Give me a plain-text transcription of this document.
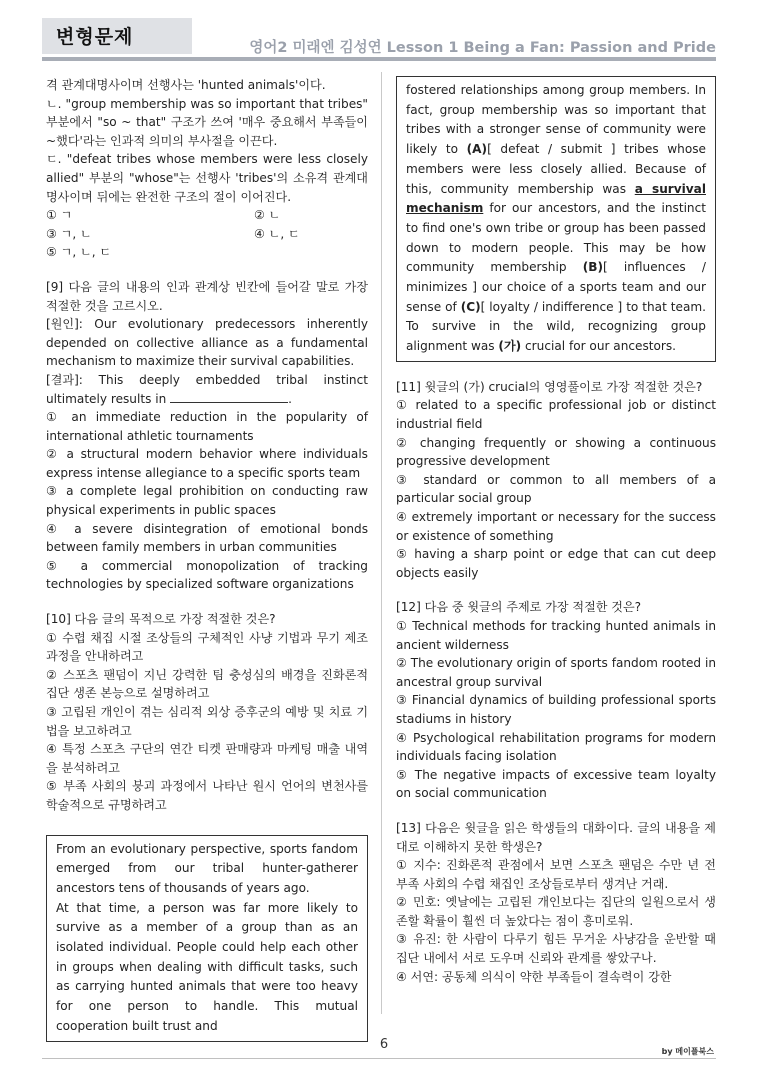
변형문제	영어2 미래엔 김성연 Lesson 1 Being a Fan: Passion and Pride
격 관계대명사이며 선행사는 'hunted animals'이다.
ㄴ. "group membership was so important that tribes" 부분에서 "so ~ that" 구조가 쓰여 '매우 중요해서 부족들이 ~했다'라는 인과적 의미의 부사절을 이끈다.
ㄷ. "defeat tribes whose members were less closely allied" 부분의 "whose"는 선행사 'tribes'의 소유격 관계대명사이며 뒤에는 완전한 구조의 절이 이어진다.
① ㄱ	② ㄴ
③ ㄱ, ㄴ	④ ㄴ, ㄷ
⑤ ㄱ, ㄴ, ㄷ
[9] 다음 글의 내용의 인과 관계상 빈칸에 들어갈 말로 가장 적절한 것을 고르시오.
[원인]: Our evolutionary predecessors inherently depended on collective alliance as a fundamental mechanism to maximize their survival capabilities.
[결과]: This deeply embedded tribal instinct ultimately results in	.
① an immediate reduction in the popularity of international athletic tournaments
② a structural modern behavior where individuals express intense allegiance to a specific sports team
③ a complete legal prohibition on conducting raw physical experiments in public spaces
④ a severe disintegration of emotional bonds between family members in urban communities
⑤ a commercial monopolization of tracking technologies by specialized software organizations
[10] 다음 글의 목적으로 가장 적절한 것은?
① 수렵 채집 시절 조상들의 구체적인 사냥 기법과 무기 제조 과정을 안내하려고
② 스포츠 팬덤이 지닌 강력한 팀 충성심의 배경을 진화론적 집단 생존 본능으로 설명하려고
③ 고립된 개인이 겪는 심리적 외상 증후군의 예방 및 치료 기법을 보고하려고
④ 특정 스포츠 구단의 연간 티켓 판매량과 마케팅 매출 내역을 분석하려고
⑤ 부족 사회의 붕괴 과정에서 나타난 원시 언어의 변천사를 학술적으로 규명하려고
From an evolutionary perspective, sports fandom emerged from our tribal hunter-gatherer ancestors tens of thousands of years ago.
At that time, a person was far more likely to survive as a member of a group than as an isolated individual. People could help each other in groups when dealing with difficult tasks, such as carrying hunted animals that were too heavy for one person to handle. This mutual cooperation built trust and
fostered relationships among group members. In fact, group membership was so important that tribes with a stronger sense of community were likely to (A)[ defeat / submit ] tribes whose members were less closely allied. Because of this, community membership was a survival mechanism for our ancestors, and the instinct to find one's own tribe or group has been passed down to modern people. This may be how community membership (B)[ influences / minimizes ] our choice of a sports team and our sense of (C)[ loyalty / indifference ] to that team. To survive in the wild, recognizing group alignment was (가) crucial for our ancestors.
[11] 윗글의 (가) crucial의 영영풀이로 가장 적절한 것은?
① related to a specific professional job or distinct industrial field
② changing frequently or showing a continuous progressive development
③ standard or common to all members of a particular social group
④ extremely important or necessary for the success or existence of something
⑤ having a sharp point or edge that can cut deep objects easily
[12] 다음 중 윗글의 주제로 가장 적절한 것은?
① Technical methods for tracking hunted animals in ancient wilderness
② The evolutionary origin of sports fandom rooted in ancestral group survival
③ Financial dynamics of building professional sports stadiums in history
④ Psychological rehabilitation programs for modern individuals facing isolation
⑤ The negative impacts of excessive team loyalty on social communication
[13] 다음은 윗글을 읽은 학생들의 대화이다. 글의 내용을 제대로 이해하지 못한 학생은?
① 지수: 진화론적 관점에서 보면 스포츠 팬덤은 수만 년 전 부족 사회의 수렵 채집인 조상들로부터 생겨난 거래.
② 민호: 옛날에는 고립된 개인보다는 집단의 일원으로서 생존할 확률이 훨씬 더 높았다는 점이 흥미로워.
③ 유진: 한 사람이 다루기 힘든 무거운 사냥감을 운반할 때 집단 내에서 서로 도우며 신뢰와 관계를 쌓았구나.
④ 서연: 공동체 의식이 약한 부족들이 결속력이 강한
6	by 메이플북스
